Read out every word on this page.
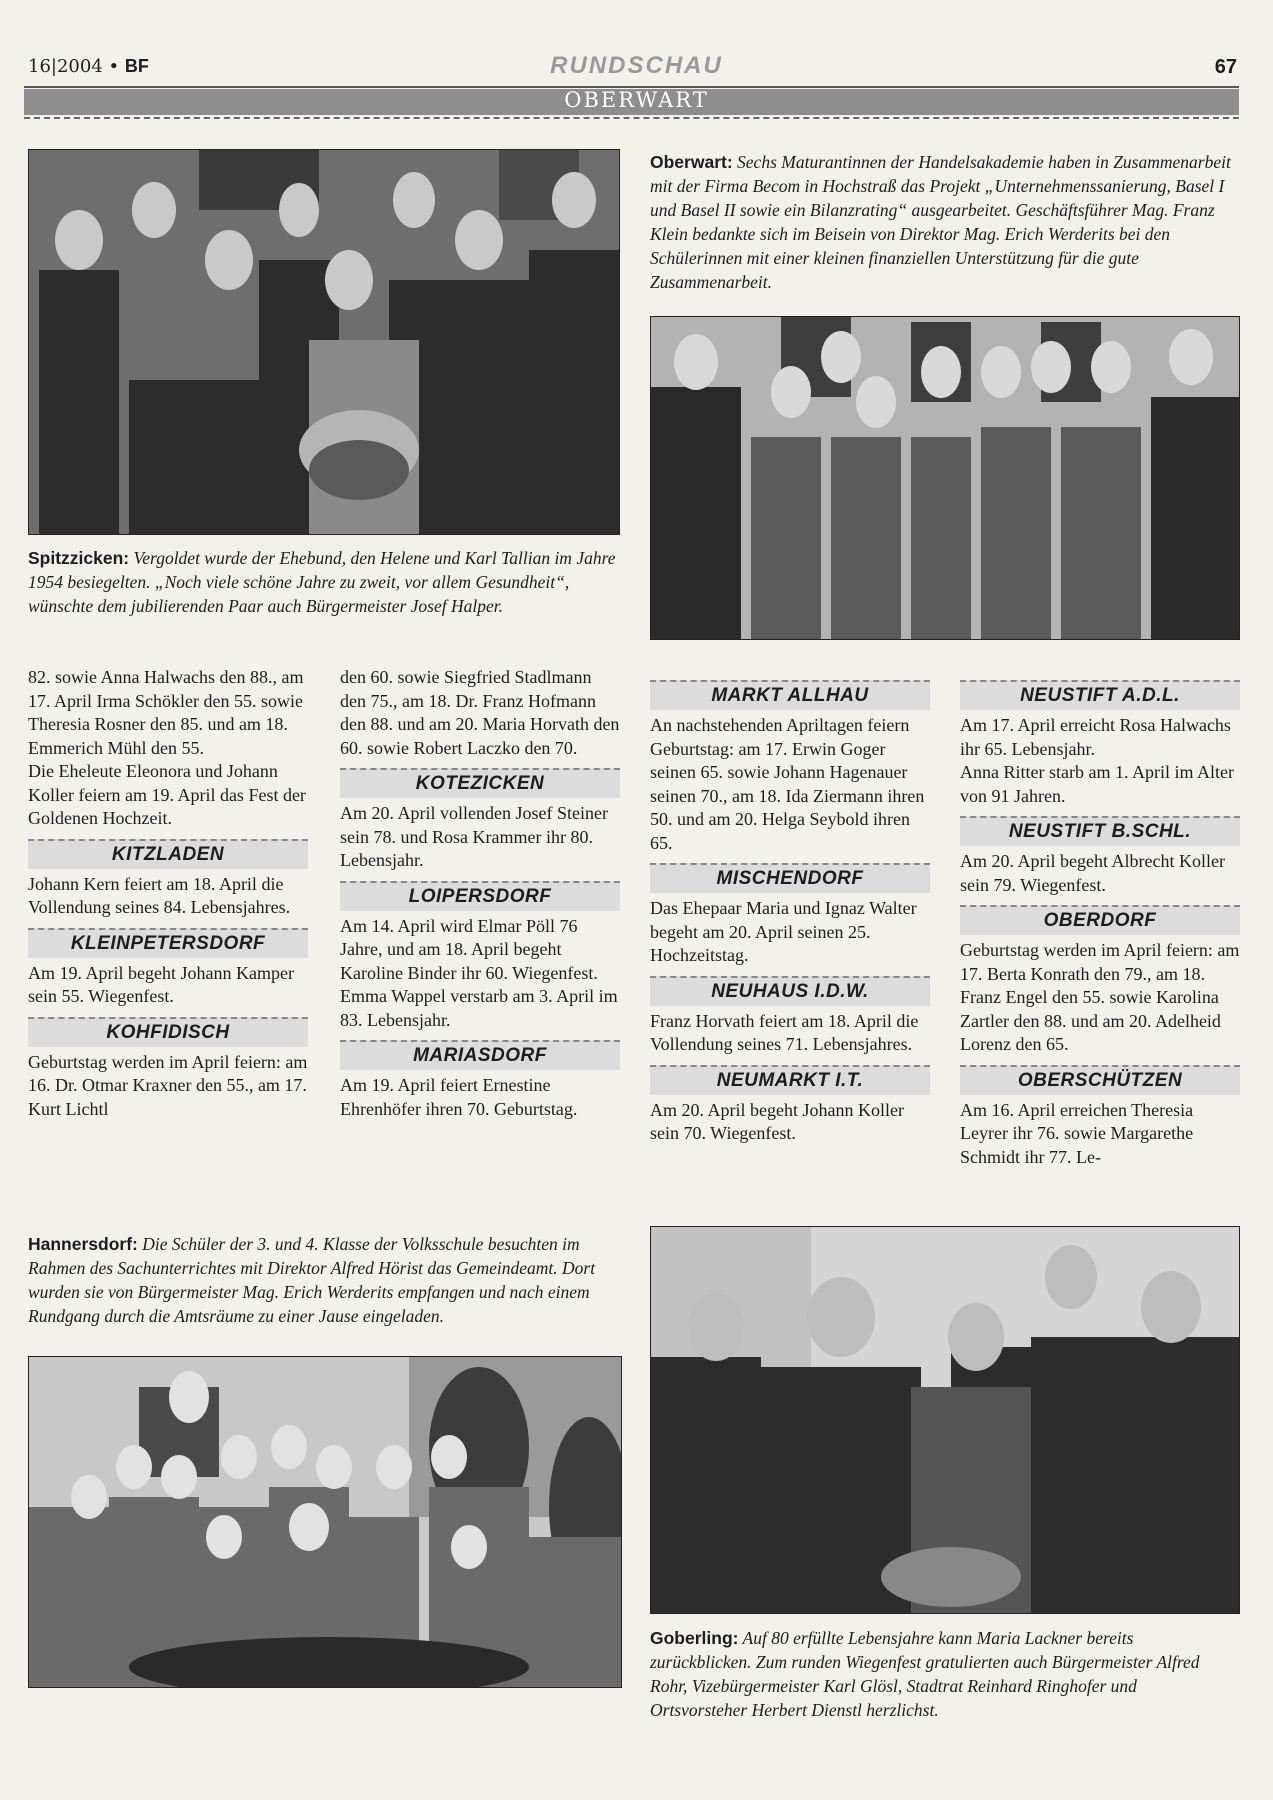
16|2004 • BF	RUNDSCHAU	67
OBERWART
Spitzzicken: Vergoldet wurde der Ehebund, den Helene und Karl Tallian im Jahre 1954 besiegelten. „Noch viele schöne Jahre zu zweit, vor allem Gesundheit“, wünschte dem jubilierenden Paar auch Bürgermeister Josef Halper.
Oberwart: Sechs Maturantinnen der Handelsakademie haben in Zusammenarbeit mit der Firma Becom in Hochstraß das Projekt „Unternehmenssanierung, Basel I und Basel II sowie ein Bilanzrating“ ausgearbeitet. Geschäftsführer Mag. Franz Klein bedankte sich im Beisein von Direktor Mag. Erich Werderits bei den Schülerinnen mit einer kleinen finanziellen Unterstützung für die gute Zusammenarbeit.

82. sowie Anna Halwachs den 88., am 17. April Irma Schökler den 55. sowie Theresia Rosner den 85. und am 18. Emmerich Mühl den 55.

Die Eheleute Eleonora und Johann Koller feiern am 19. April das Fest der Goldenen Hochzeit.

KITZLADEN

Johann Kern feiert am 18. April die Vollendung seines 84. Lebensjahres.

KLEINPETERSDORF

Am 19. April begeht Johann Kamper sein 55. Wiegenfest.

KOHFIDISCH

Geburtstag werden im April feiern: am 16. Dr. Otmar Kraxner den 55., am 17. Kurt Lichtl

den 60. sowie Siegfried Stadlmann den 75., am 18. Dr. Franz Hofmann den 88. und am 20. Maria Horvath den 60. sowie Robert Laczko den 70.

KOTEZICKEN

Am 20. April vollenden Josef Steiner sein 78. und Rosa Krammer ihr 80. Lebensjahr.

LOIPERSDORF

Am 14. April wird Elmar Pöll 76 Jahre, und am 18. April begeht Karoline Binder ihr 60. Wiegenfest.

Emma Wappel verstarb am 3. April im 83. Lebensjahr.

MARIASDORF

Am 19. April feiert Ernestine Ehrenhöfer ihren 70. Geburtstag.

MARKT ALLHAU

An nachstehenden Apriltagen feiern Geburtstag: am 17. Erwin Goger seinen 65. sowie Johann Hagenauer seinen 70., am 18. Ida Ziermann ihren 50. und am 20. Helga Seybold ihren 65.

MISCHENDORF

Das Ehepaar Maria und Ignaz Walter begeht am 20. April seinen 25. Hochzeitstag.

NEUHAUS I.D.W.

Franz Horvath feiert am 18. April die Vollendung seines 71. Lebensjahres.

NEUMARKT I.T.

Am 20. April begeht Johann Koller sein 70. Wiegenfest.

NEUSTIFT A.D.L.

Am 17. April erreicht Rosa Halwachs ihr 65. Lebensjahr.

Anna Ritter starb am 1. April im Alter von 91 Jahren.

NEUSTIFT B.SCHL.

Am 20. April begeht Albrecht Koller sein 79. Wiegenfest.

OBERDORF

Geburtstag werden im April feiern: am 17. Berta Konrath den 79., am 18. Franz Engel den 55. sowie Karolina Zartler den 88. und am 20. Adelheid Lorenz den 65.

OBERSCHÜTZEN

Am 16. April erreichen Theresia Leyrer ihr 76. sowie Margarethe Schmidt ihr 77. Le-

Hannersdorf: Die Schüler der 3. und 4. Klasse der Volksschule besuchten im Rahmen des Sachunterrichtes mit Direktor Alfred Hörist das Gemeindeamt. Dort wurden sie von Bürgermeister Mag. Erich Werderits empfangen und nach einem Rundgang durch die Amtsräume zu einer Jause eingeladen.
Goberling: Auf 80 erfüllte Lebensjahre kann Maria Lackner bereits zurückblicken. Zum runden Wiegenfest gratulierten auch Bürgermeister Alfred Rohr, Vizebürgermeister Karl Glösl, Stadtrat Reinhard Ringhofer und Ortsvorsteher Herbert Dienstl herzlichst.
